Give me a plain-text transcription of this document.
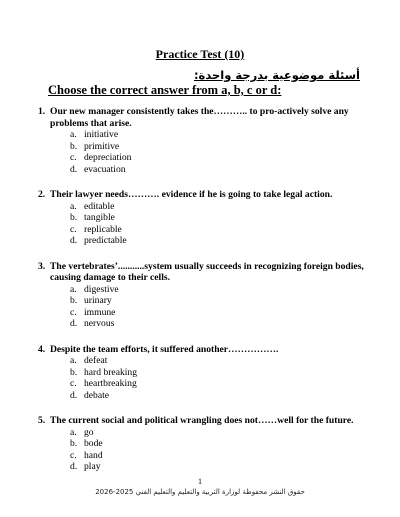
Practice Test (10)
أسئلة موضوعية بدرجة واحدة:
Choose the correct answer from a, b, c or d:
1. Our new manager consistently takes the……….. to pro-actively solve any problems that arise.
a. initiative
b. primitive
c. depreciation
d. evacuation
2. Their lawyer needs………. evidence if he is going to take legal action.
a. editable
b. tangible
c. replicable
d. predictable
3. The vertebrates’...........system usually succeeds in recognizing foreign bodies, causing damage to their cells.
a. digestive
b. urinary
c. immune
d. nervous
4. Despite the team efforts, it suffered another…………….
a. defeat
b. hard breaking
c. heartbreaking
d. debate
5. The current social and political wrangling does not……well for the future.
a. go
b. bode
c. hand
d. play
1
حقوق النشر محفوظة لوزارة التربية والتعليم والتعليم الفني 2025-2026
